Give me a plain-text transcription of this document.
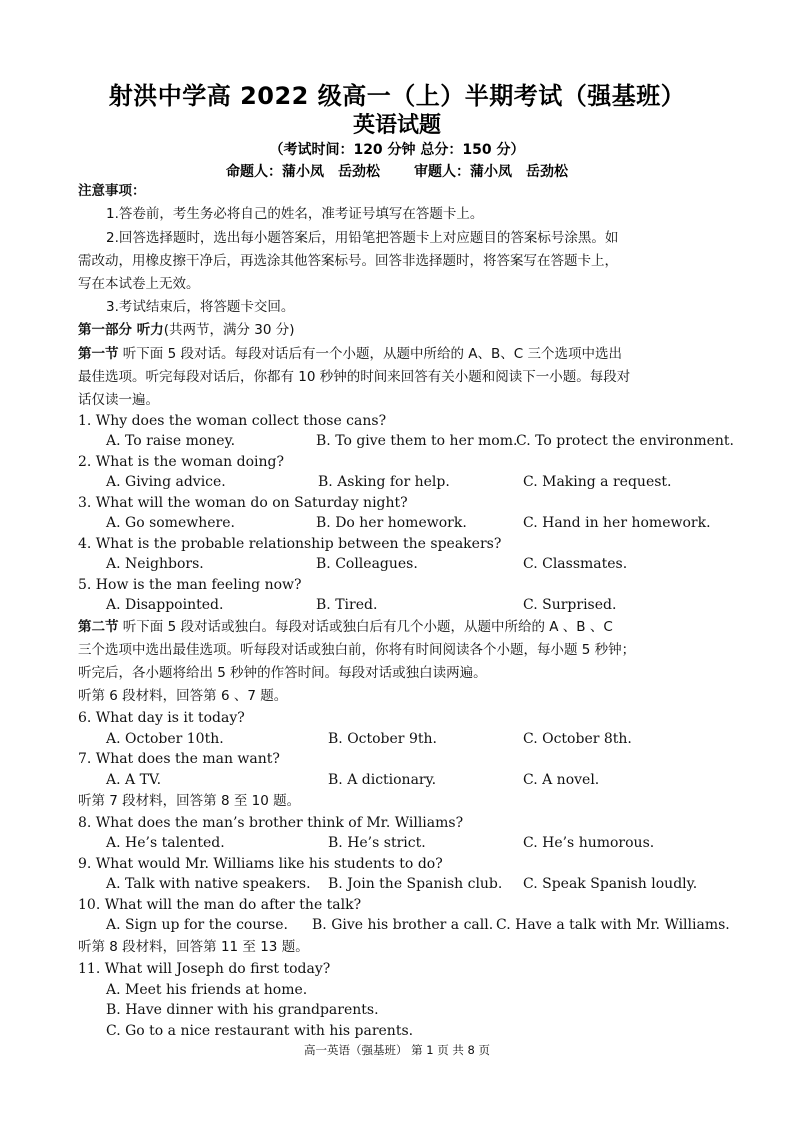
射洪中学高 2022 级高一（上）半期考试（强基班）
英语试题
（考试时间：120 分钟 总分：150 分）
命题人：蒲小凤　岳劲松 审题人：蒲小凤　岳劲松
注意事项：
1.答卷前，考生务必将自己的姓名，准考证号填写在答题卡上。
2.回答选择题时，选出每小题答案后，用铅笔把答题卡上对应题目的答案标号涂黑。如
需改动，用橡皮擦干净后，再选涂其他答案标号。回答非选择题时，将答案写在答题卡上，
写在本试卷上无效。
3.考试结束后，将答题卡交回。
第一部分 听力(共两节，满分 30 分)
第一节 听下面 5 段对话。每段对话后有一个小题，从题中所给的 A、B、C 三个选项中选出
最佳选项。听完每段对话后，你都有 10 秒钟的时间来回答有关小题和阅读下一小题。每段对
话仅读一遍。
1. Why does the woman collect those cans?
A. To raise money.	B. To give them to her mom.
C. To protect the environment.
2. What is the woman doing?
A. Giving advice.	B. Asking for help.	C. Making a request.
3. What will the woman do on Saturday night?
A. Go somewhere.	B. Do her homework.	C. Hand in her homework.
4. What is the probable relationship between the speakers?
A. Neighbors.	B. Colleagues.	C. Classmates.
5. How is the man feeling now?
A. Disappointed.	B. Tired.	C. Surprised.
第二节 听下面 5 段对话或独白。每段对话或独白后有几个小题，从题中所给的 A 、B 、C
三个选项中选出最佳选项。听每段对话或独白前，你将有时间阅读各个小题，每小题 5 秒钟；
听完后，各小题将给出 5 秒钟的作答时间。每段对话或独白读两遍。
听第 6 段材料，回答第 6 、7 题。
6. What day is it today?
A. October 10th.	B. October 9th.	C. October 8th.
7. What does the man want?
A. A TV.	B. A dictionary.	C. A novel.
听第 7 段材料，回答第 8 至 10 题。
8. What does the man’s brother think of Mr. Williams?
A. He’s talented.	B. He’s strict.	C. He’s humorous.
9. What would Mr. Williams like his students to do?
A. Talk with native speakers. B. Join the Spanish club. C. Speak Spanish loudly.
10. What will the man do after the talk?
A. Sign up for the course. B. Give his brother a call. C. Have a talk with Mr. Williams.
听第 8 段材料，回答第 11 至 13 题。
11. What will Joseph do first today?
A. Meet his friends at home.
B. Have dinner with his grandparents.
C. Go to a nice restaurant with his parents.
高一英语（强基班） 第 1 页 共 8 页
